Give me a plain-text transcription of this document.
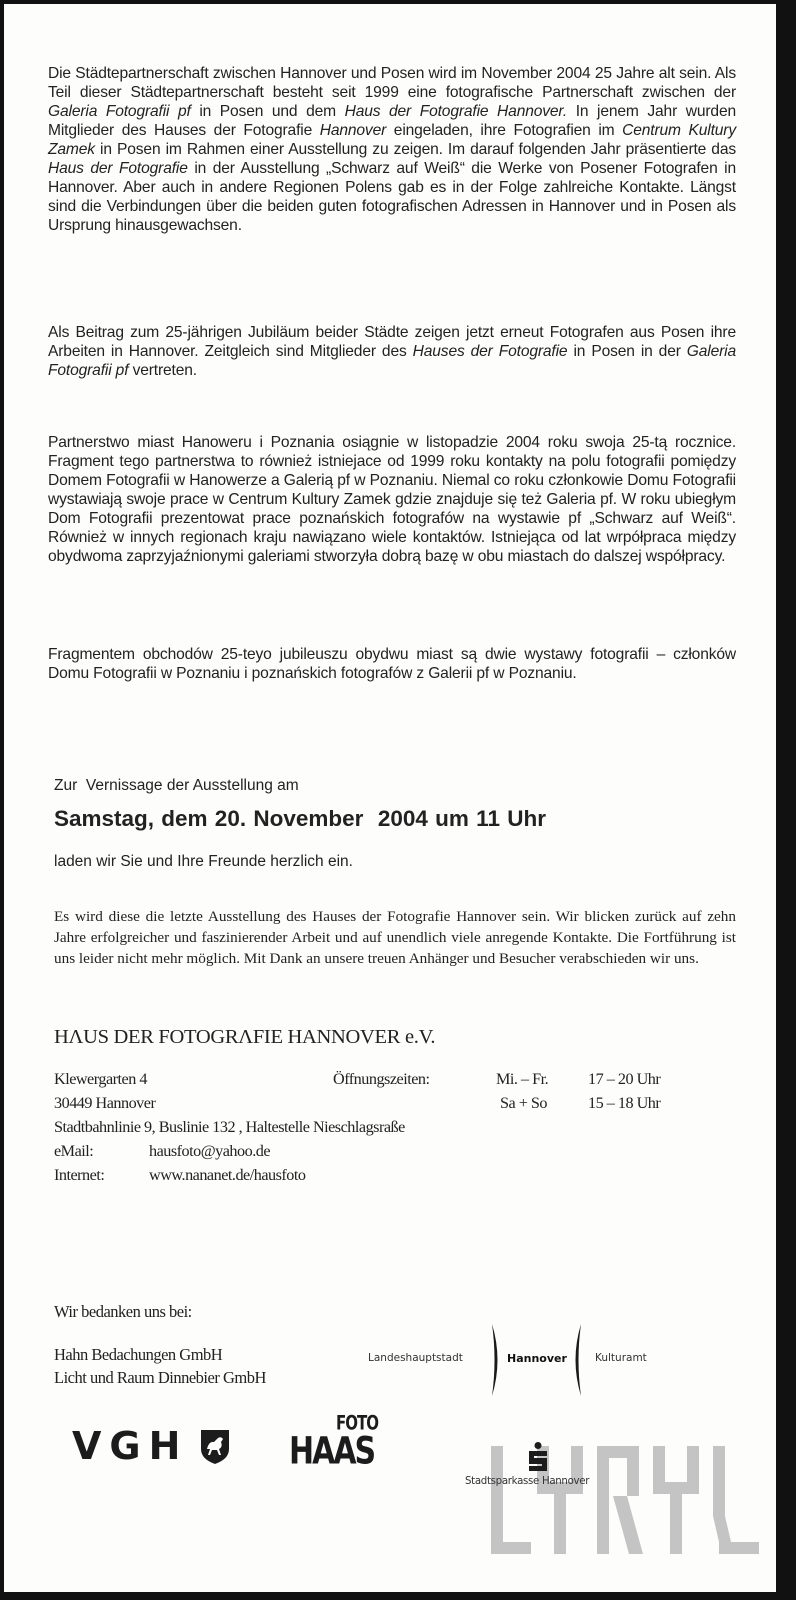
Die Städtepartnerschaft zwischen Hannover und Posen wird im November 2004 25 Jahre alt sein. Als Teil dieser Städtepartnerschaft besteht seit 1999 eine fotografische Partnerschaft zwischen der Galeria Fotografii pf in Posen und dem Haus der Fotografie Hannover. In jenem Jahr wurden Mitglieder des Hauses der Fotografie Hannover eingeladen, ihre Fotografien im Centrum Kultury Zamek in Posen im Rahmen einer Ausstellung zu zeigen. Im darauf folgenden Jahr präsentierte das Haus der Fotografie in der Ausstellung „Schwarz auf Weiß“ die Werke von Posener Fotografen in Hannover. Aber auch in andere Regionen Polens gab es in der Folge zahlreiche Kontakte. Längst sind die Verbindungen über die beiden guten fotografischen Adressen in Hannover und in Posen als Ursprung hinausgewachsen.
Als Beitrag zum 25-jährigen Jubiläum beider Städte zeigen jetzt erneut Fotografen aus Posen ihre Arbeiten in Hannover. Zeitgleich sind Mitglieder des Hauses der Fotografie in Posen in der Galeria Fotografii pf vertreten.
Partnerstwo miast Hanoweru i Poznania osiągnie w listopadzie 2004 roku swoja 25-tą rocznice. Fragment tego partnerstwa to również istniejace od 1999 roku kontakty na polu fotografii pomiędzy Domem Fotografii w Hanowerze a Galerią pf w Poznaniu. Niemal co roku członkowie Domu Fotografii wystawiają swoje prace w Centrum Kultury Zamek gdzie znajduje się też Galeria pf. W roku ubiegłym Dom Fotografii prezentowat prace poznańskich fotografów na wystawie pf „Schwarz auf Weiß“. Również w innych regionach kraju nawiązano wiele kontaktów. Istniejąca od lat wrpółpraca między obydwoma zaprzyjaźnionymi galeriami stworzyła dobrą bazę w obu miastach do dalszej współpracy.
Fragmentem obchodów 25-teyo jubileuszu obydwu miast są dwie wystawy fotografii – członków Domu Fotografii w Poznaniu i poznańskich fotografów z Galerii pf w Poznaniu.
Zur  Vernissage der Ausstellung am
Samstag, dem 20. November  2004 um 11 Uhr
laden wir Sie und Ihre Freunde herzlich ein.
Es wird diese die letzte Ausstellung des Hauses der Fotografie Hannover sein. Wir blicken zurück auf zehn Jahre erfolgreicher und faszinierender Arbeit und auf unendlich viele anregende Kontakte. Die Fortführung ist uns leider nicht mehr möglich. Mit Dank an unsere treuen Anhänger und Besucher verabschieden wir uns.
HΛUS DER FOTOGRΛFIE HANNOVER e.V.
Klewergarten 4
30449 Hannover
Stadtbahnlinie 9, Buslinie 132 , Haltestelle Nieschlagsraße
eMail:	hausfoto@yahoo.de
Internet:	www.nananet.de/hausfoto
Öffnungszeiten:	Mi. – Fr. 17 – 20 Uhr
Sa + So	15 – 18 Uhr
Wir bedanken uns bei:
Hahn Bedachungen GmbH
Licht und Raum Dinnebier GmbH
Landeshauptstadt	Hannover	Kulturamt
VGH
FOTO
HAAS
Stadtsparkasse Hannover
